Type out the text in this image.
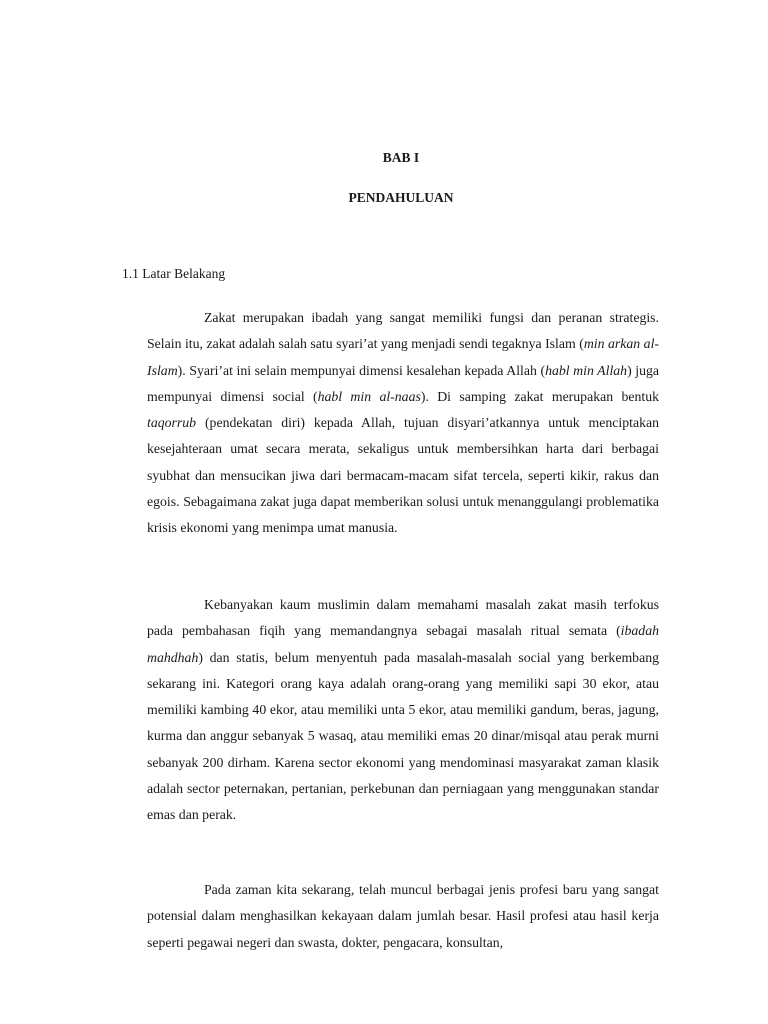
BAB I
PENDAHULUAN
1.1 Latar Belakang

Zakat merupakan ibadah yang sangat memiliki fungsi dan peranan strategis. Selain itu, zakat adalah salah satu syari’at yang menjadi sendi tegaknya Islam (min arkan al- Islam). Syari’at ini selain mempunyai dimensi kesalehan kepada Allah (habl min Allah) juga mempunyai dimensi social (habl min al-naas). Di samping zakat merupakan bentuk taqorrub (pendekatan diri) kepada Allah, tujuan disyari’atkannya untuk menciptakan kesejahteraan umat secara merata, sekaligus untuk membersihkan harta dari berbagai syubhat dan mensucikan jiwa dari bermacam-macam sifat tercela, seperti kikir, rakus dan egois. Sebagaimana zakat juga dapat memberikan solusi untuk menanggulangi problematika krisis ekonomi yang menimpa umat manusia.

Kebanyakan kaum muslimin dalam memahami masalah zakat masih terfokus pada pembahasan fiqih yang memandangnya sebagai masalah ritual semata (ibadah mahdhah) dan statis, belum menyentuh pada masalah-masalah social yang berkembang sekarang ini. Kategori orang kaya adalah orang-orang yang memiliki sapi 30 ekor, atau memiliki kambing 40 ekor, atau memiliki unta 5 ekor, atau memiliki gandum, beras, jagung, kurma dan anggur sebanyak 5 wasaq, atau memiliki emas 20 dinar/misqal atau perak murni sebanyak 200 dirham. Karena sector ekonomi yang mendominasi masyarakat zaman klasik adalah sector peternakan, pertanian, perkebunan dan perniagaan yang menggunakan standar emas dan perak.

Pada zaman kita sekarang, telah muncul berbagai jenis profesi baru yang sangat potensial dalam menghasilkan kekayaan dalam jumlah besar. Hasil profesi atau hasil kerja seperti pegawai negeri dan swasta, dokter, pengacara, konsultan,
